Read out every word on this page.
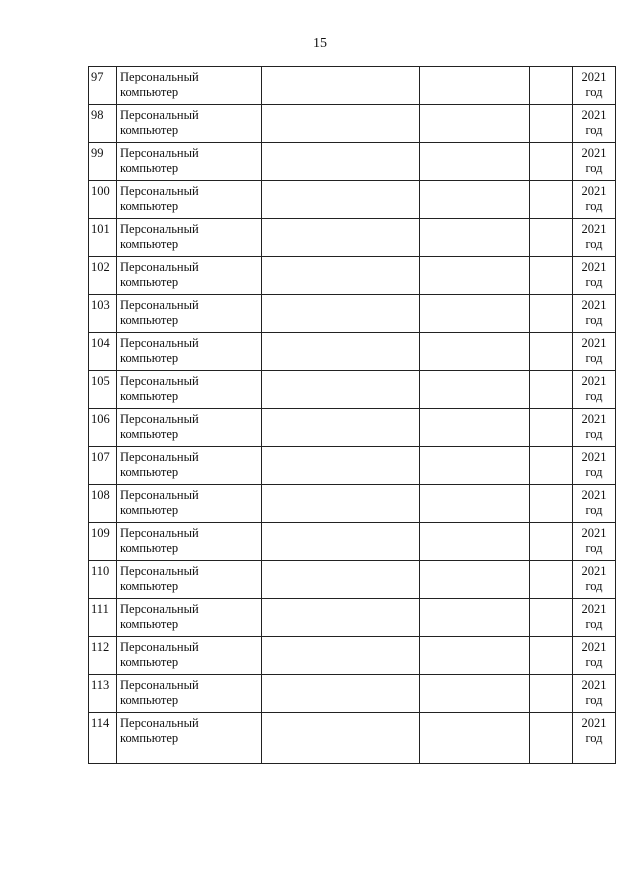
15
97	Персональный
компьютер				2021
год

98	Персональный
компьютер				2021
год

99	Персональный
компьютер				2021
год

100	Персональный
компьютер				2021
год

101	Персональный
компьютер				2021
год

102	Персональный
компьютер				2021
год

103	Персональный
компьютер				2021
год

104	Персональный
компьютер				2021
год

105	Персональный
компьютер				2021
год

106	Персональный
компьютер				2021
год

107	Персональный
компьютер				2021
год

108	Персональный
компьютер				2021
год

109	Персональный
компьютер				2021
год

110	Персональный
компьютер				2021
год

111	Персональный
компьютер				2021
год

112	Персональный
компьютер				2021
год

113	Персональный
компьютер				2021
год

114	Персональный
компьютер				2021
год
